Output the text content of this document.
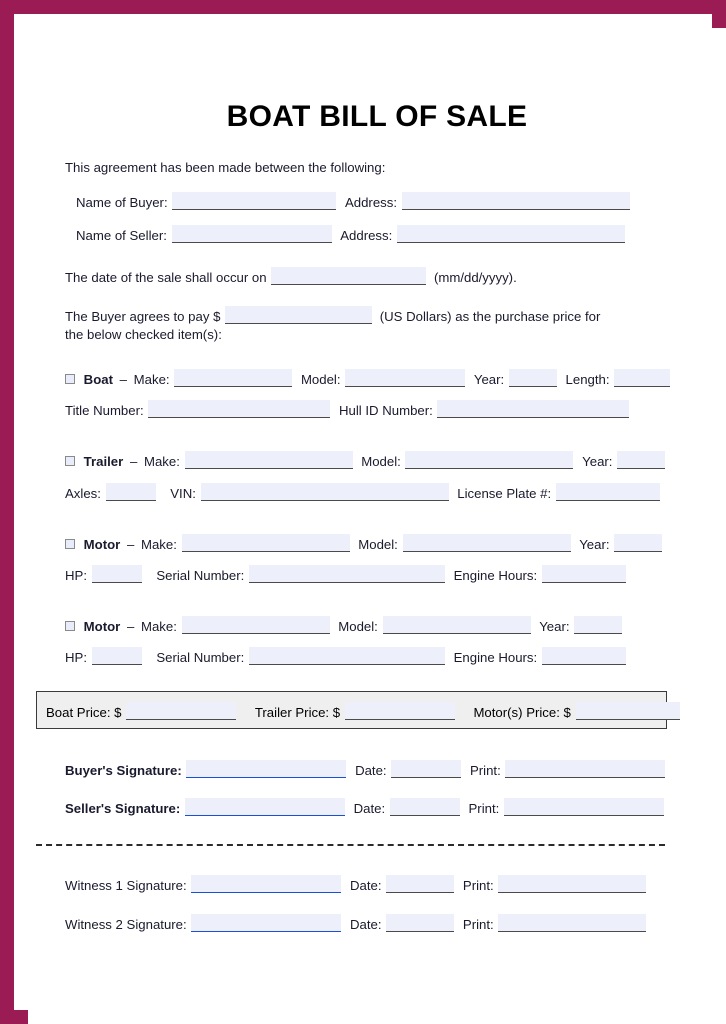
BOAT BILL OF SALE
This agreement has been made between the following:
Name of Buyer:	Address:
Name of Seller:	Address:
The date of the sale shall occur on	(mm/dd/yyyy).
The Buyer agrees to pay $	(US Dollars) as the purchase price for
the below checked item(s):
Boat – Make:	Model:	Year:	Length:
Title Number:	Hull ID Number:
Trailer – Make:	Model:	Year:
Axles:	VIN:	License Plate #:
Motor – Make:	Model:	Year:
HP:	Serial Number:	Engine Hours:
Motor – Make:	Model:	Year:
HP:	Serial Number:	Engine Hours:
Boat Price: $	Trailer Price: $	Motor(s) Price: $
Buyer's Signature:	Date:	Print:
Seller's Signature:	Date:	Print:
Witness 1 Signature:	Date:	Print:
Witness 2 Signature:	Date:	Print:
